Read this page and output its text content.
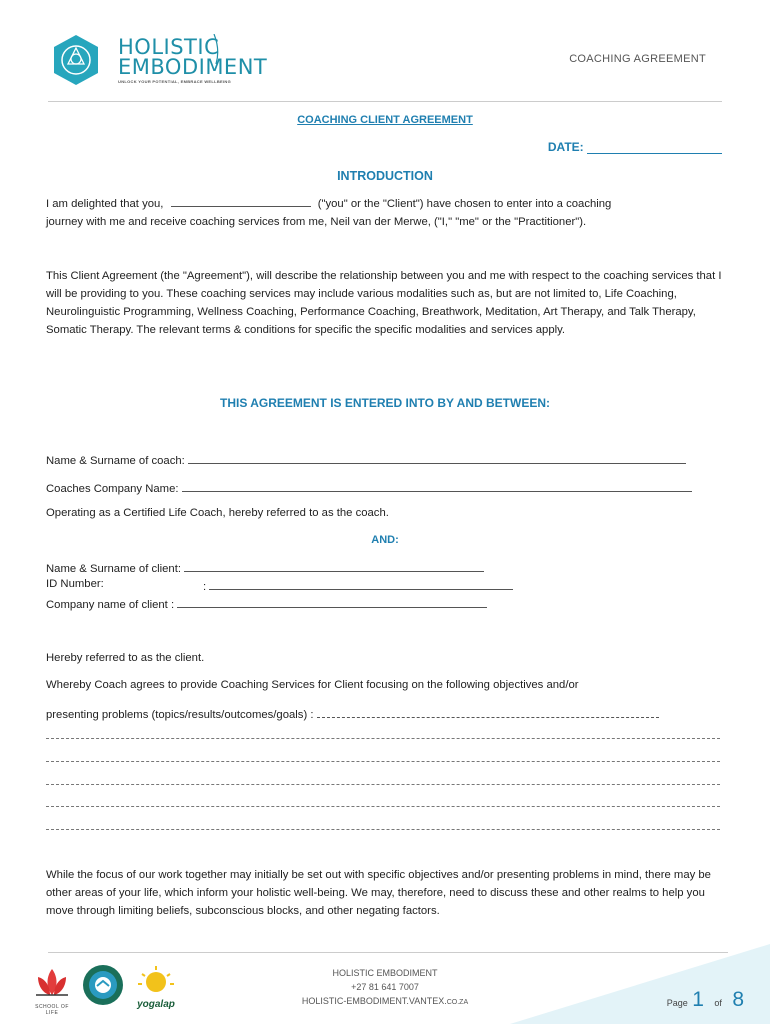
HOLISTIC
EMBODIMENT
UNLOCK YOUR POTENTIAL, EMBRACE WELLBEING
COACHING AGREEMENT
COACHING CLIENT AGREEMENT
DATE:
INTRODUCTION
I am delighted that you,	("you" or the "Client") have chosen to enter into a coaching
journey with me and receive coaching services from me, Neil van der Merwe, ("I," "me" or the "Practitioner").
This Client Agreement (the "Agreement"), will describe the relationship between you and me with respect to the coaching services that I will be providing to you. These coaching services may include various modalities such as, but are not limited to, Life Coaching, Neurolinguistic Programming, Wellness Coaching, Performance Coaching, Breathwork, Meditation, Art Therapy, and Talk Therapy, Somatic Therapy. The relevant terms & conditions for specific the specific modalities and services apply.
THIS AGREEMENT IS ENTERED INTO BY AND BETWEEN:
Name & Surname of coach:
Coaches Company Name:
Operating as a Certified Life Coach, hereby referred to as the coach.
AND:
Name & Surname of client:
ID Number:	:
Company name of client :
Hereby referred to as the client.
Whereby Coach agrees to provide Coaching Services for Client focusing on the following objectives and/or
presenting problems (topics/results/outcomes/goals) :
While the focus of our work together may initially be set out with specific objectives and/or presenting problems in mind, there may be other areas of your life, which inform your holistic well-being. We may, therefore, need to discuss these and other realms to help you move through limiting beliefs, subconscious blocks, and other negating factors.
SCHOOL OF LIFE
yogalap
HOLISTIC EMBODIMENT
+27 81 641 7007
HOLISTIC-EMBODIMENT.VANTEX.CO.ZA	Page 1 of 8
